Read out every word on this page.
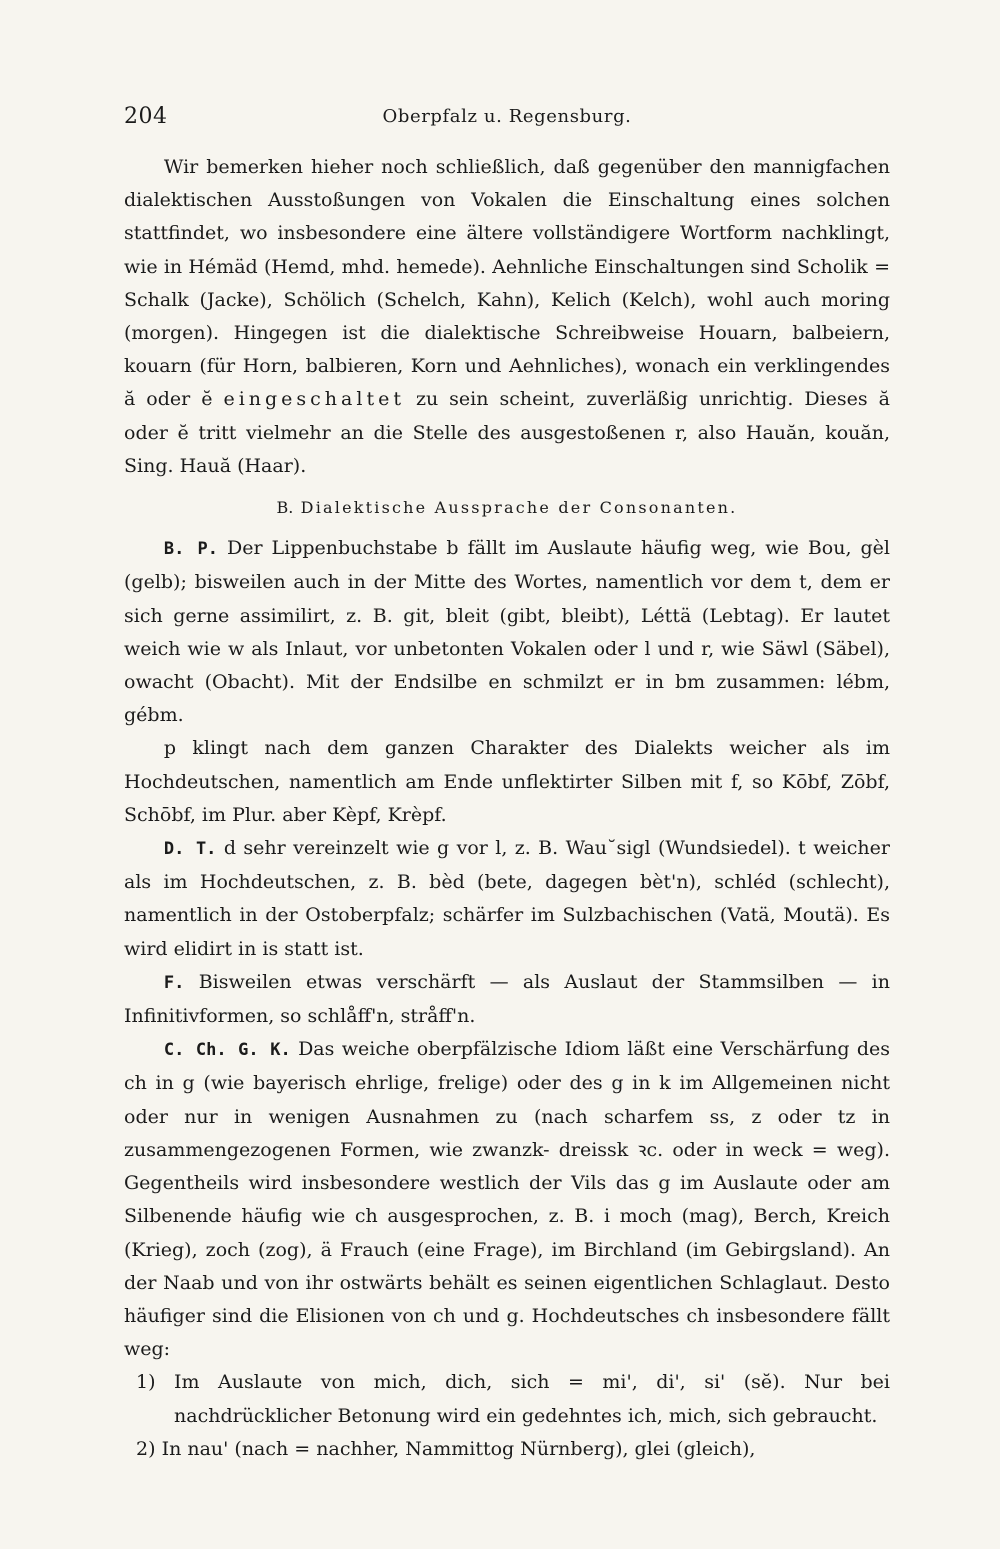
204	Oberpfalz u. Regensburg.

Wir bemerken hieher noch schließlich, daß gegenüber den mannigfachen dialektischen Ausstoßungen von Vokalen die Einschaltung eines solchen stattfindet, wo insbesondere eine ältere vollständigere Wortform nachklingt, wie in Hémäd (Hemd, mhd. hemede). Aehnliche Einschaltungen sind Scholik = Schalk (Jacke), Schölich (Schelch, Kahn), Kelich (Kelch), wohl auch moring (morgen). Hingegen ist die dialektische Schreibweise Houarn, balbeiern, kouarn (für Horn, balbieren, Korn und Aehnliches), wonach ein verklingendes ă oder ĕ eingeschaltet zu sein scheint, zuverläßig unrichtig. Dieses ă oder ĕ tritt vielmehr an die Stelle des ausgestoßenen r, also Hauăn, kouăn, Sing. Hauă (Haar).

B. Dialektische Aussprache der Consonanten.

B. P. Der Lippenbuchstabe b fällt im Auslaute häufig weg, wie Bou, gèl (gelb); bisweilen auch in der Mitte des Wortes, namentlich vor dem t, dem er sich gerne assimilirt, z. B. git, bleit (gibt, bleibt), Léttä (Lebtag). Er lautet weich wie w als Inlaut, vor unbetonten Vokalen oder l und r, wie Säwl (Säbel), owacht (Obacht). Mit der Endsilbe en schmilzt er in bm zusammen: lébm, gébm.

p klingt nach dem ganzen Charakter des Dialekts weicher als im Hochdeutschen, namentlich am Ende unflektirter Silben mit f, so Kōbf, Zōbf, Schōbf, im Plur. aber Kèpf, Krèpf.

D. T. d sehr vereinzelt wie g vor l, z. B. Wau˘sigl (Wundsiedel). t weicher als im Hochdeutschen, z. B. bèd (bete, dagegen bèt'n), schléd (schlecht), namentlich in der Ostoberpfalz; schärfer im Sulzbachischen (Vatä, Moutä). Es wird elidirt in is statt ist.

F. Bisweilen etwas verschärft — als Auslaut der Stammsilben — in Infinitivformen, so schlåff'n, stråff'n.

C. Ch. G. K. Das weiche oberpfälzische Idiom läßt eine Verschärfung des ch in g (wie bayerisch ehrlige, frelige) oder des g in k im Allgemeinen nicht oder nur in wenigen Ausnahmen zu (nach scharfem ss, z oder tz in zusammengezogenen Formen, wie zwanzk- dreissk ꝛc. oder in weck = weg). Gegentheils wird insbesondere westlich der Vils das g im Auslaute oder am Silbenende häufig wie ch ausgesprochen, z. B. i moch (mag), Berch, Kreich (Krieg), zoch (zog), ä Frauch (eine Frage), im Birchland (im Gebirgsland). An der Naab und von ihr ostwärts behält es seinen eigentlichen Schlaglaut. Desto häufiger sind die Elisionen von ch und g. Hochdeutsches ch insbesondere fällt weg:

1) Im Auslaute von mich, dich, sich = mi', di', si' (sĕ). Nur bei nachdrücklicher Betonung wird ein gedehntes ich, mich, sich gebraucht.

2) In nau' (nach = nachher, Nammittog Nürnberg), glei (gleich),
